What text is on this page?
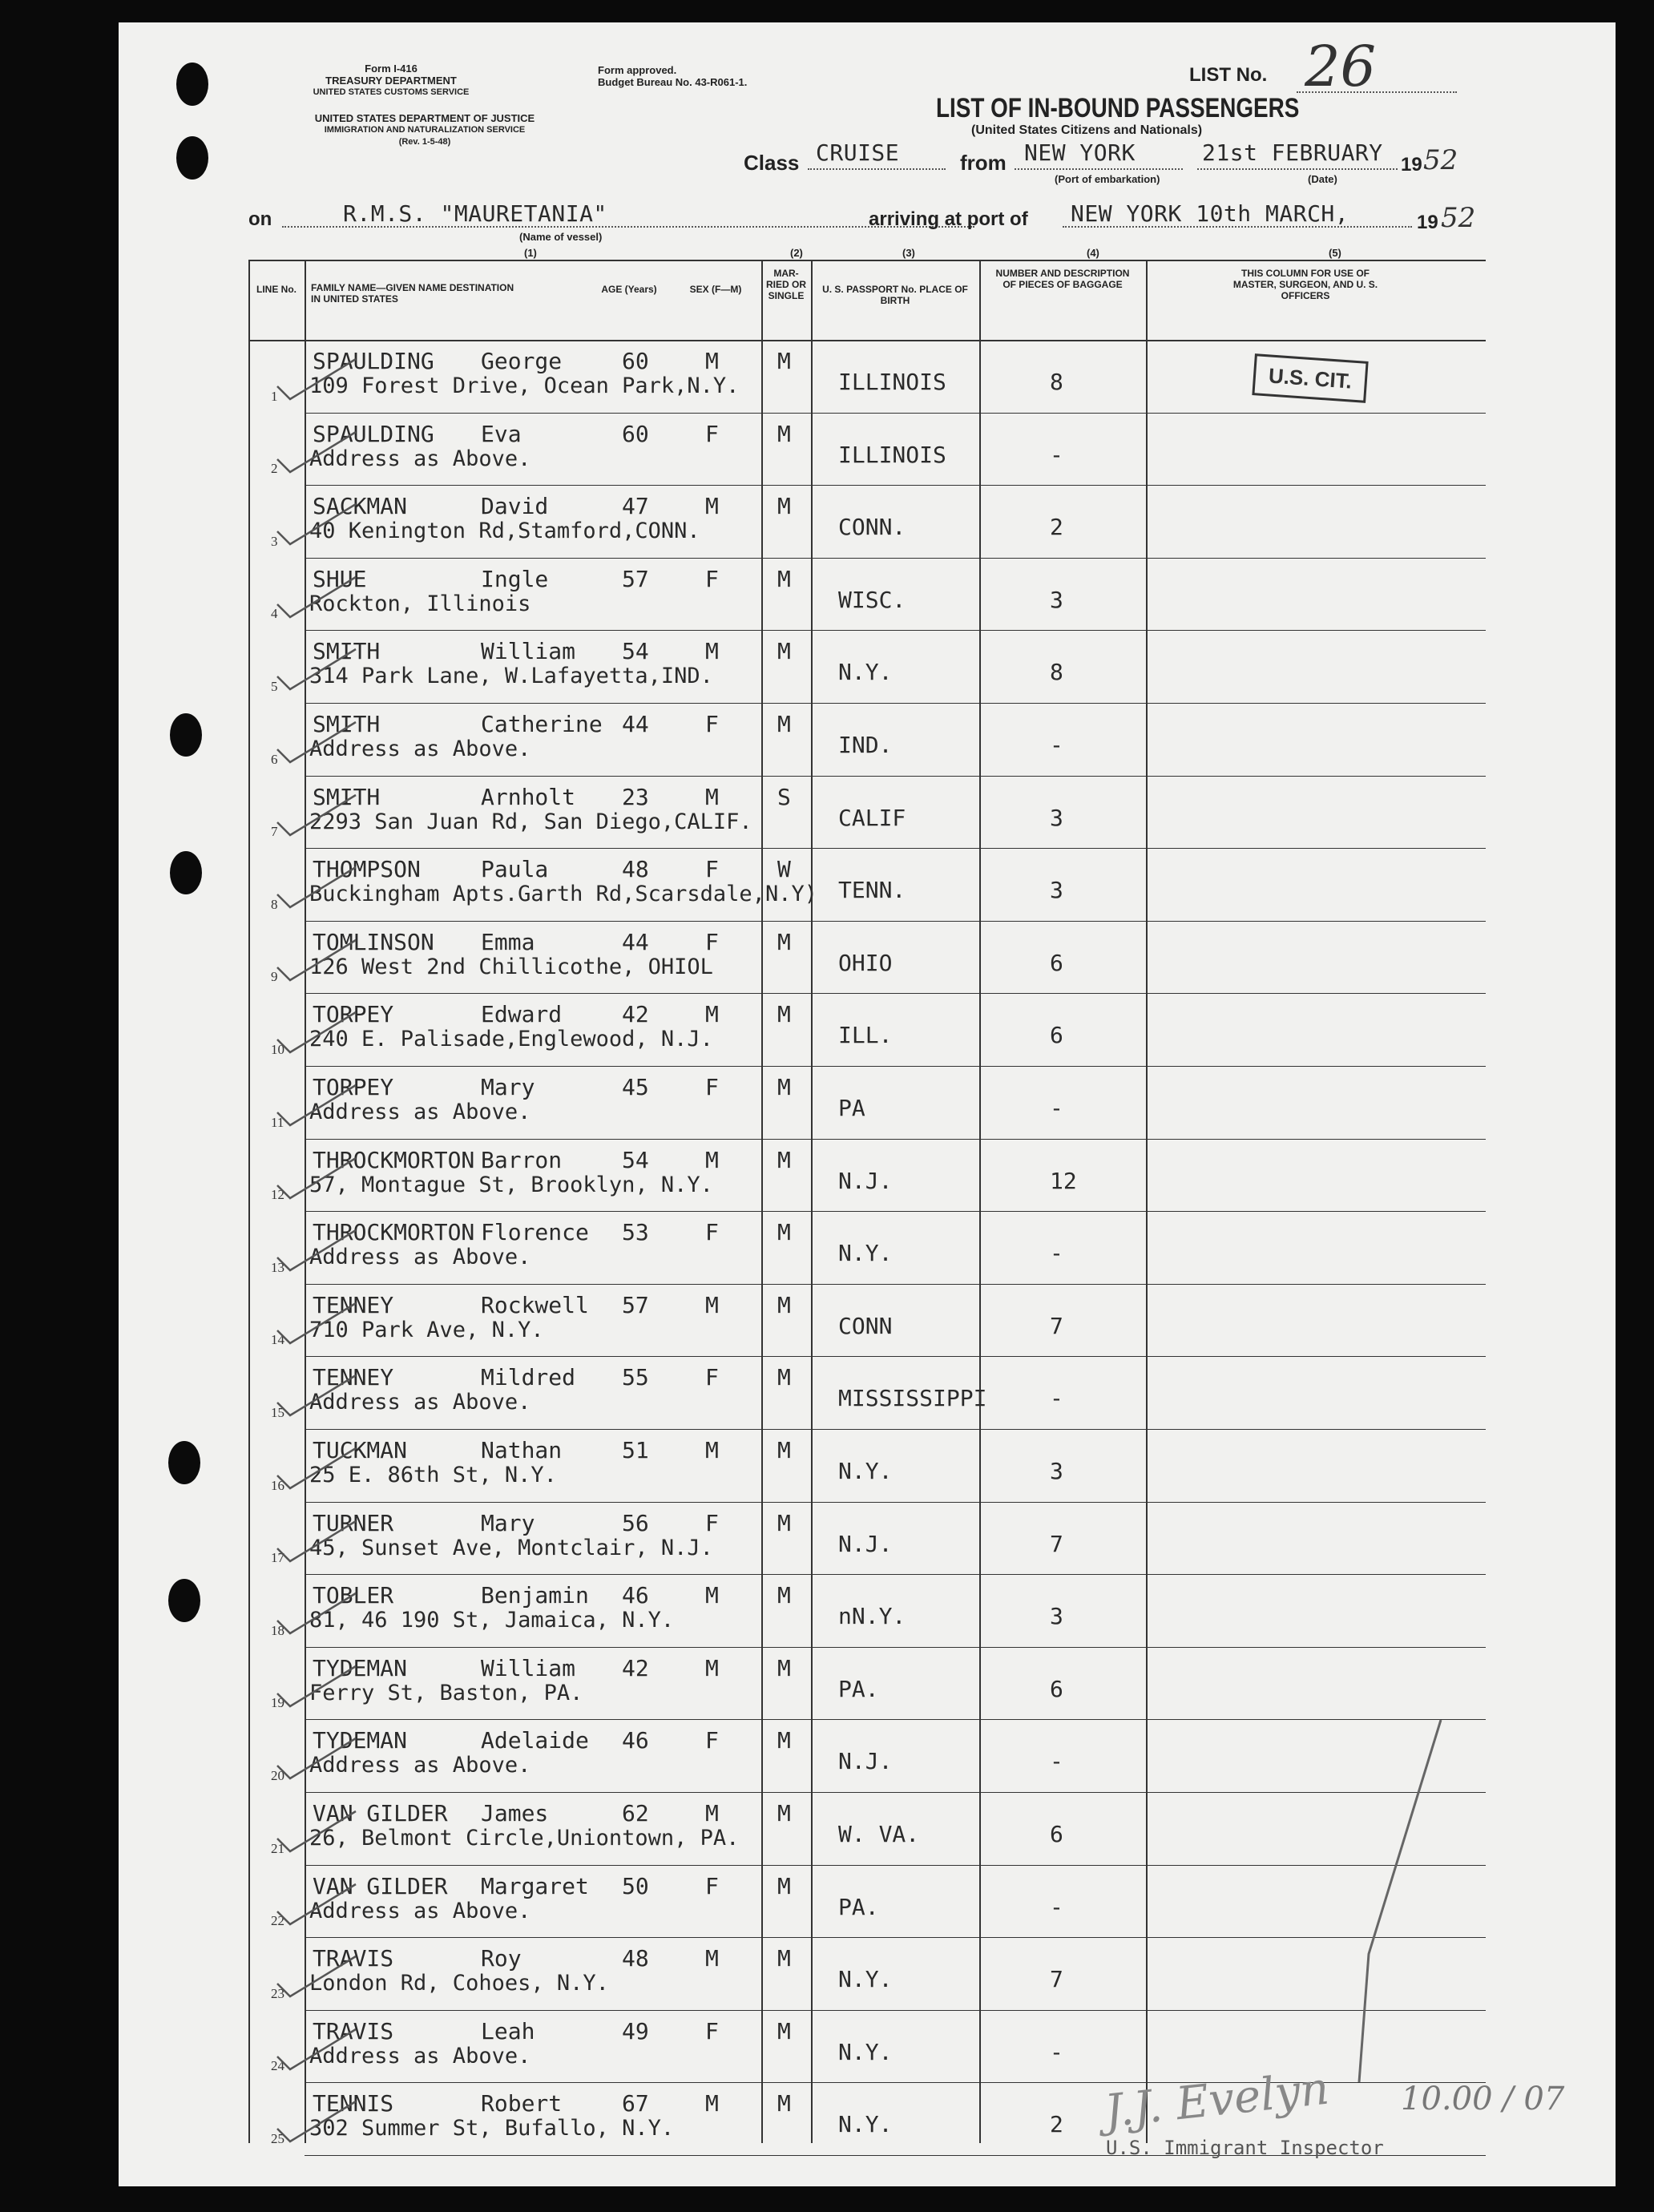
Form I-416
TREASURY DEPARTMENT
UNITED STATES CUSTOMS SERVICE
Form approved.
Budget Bureau No. 43-R061-1.
UNITED STATES DEPARTMENT OF JUSTICE
IMMIGRATION AND NATURALIZATION SERVICE
(Rev. 1-5-48)
LIST No. 26
LIST OF IN-BOUND PASSENGERS
(United States Citizens and Nationals)
Class CRUISE	from NEW YORK	21st FEBRUARY 19 52
(Port of embarkation)	(Date)
on	R.M.S. "MAURETANIA"
(Name of vessel)
arriving at port of NEW YORK 10th MARCH,	19 52
(1)	(2)	(3)	(4)	(5)
LINE No.	FAMILY NAME—GIVEN NAME DESTINATION IN UNITED STATES
AGE (Years)	SEX (F—M)
MAR-RIED OR SINGLE
U. S. PASSPORT No. PLACE OF BIRTH
NUMBER AND DESCRIPTION OF PIECES OF BAGGAGE
THIS COLUMN FOR USE OF MASTER, SURGEON, AND U. S. OFFICERS
1
SPAULDING George	60	M	M
109 Forest Drive, Ocean Park,N.Y.	ILLINOIS	8
2
SPAULDING Eva	60	F	M
Address as Above.	ILLINOIS	-
3
SACKMAN	David	47	M	M
40 Kenington Rd,Stamford,CONN.	CONN.	2
4
SHUE	Ingle	57	F	M
Rockton, Illinois	WISC.	3
5
SMITH	William 54	M	M
314 Park Lane, W.Lafayetta,IND.	N.Y.	8
6
SMITH	Catherine 44	F	M
Address as Above.	IND.	-
7
SMITH	Arnholt 23	M	S
2293 San Juan Rd, San Diego,CALIF.	CALIF	3
8
THOMPSON	Paula	48	F	W
Buckingham Apts.Garth Rd,Scarsdale,N.Y) TENN.	3
9
TOMLINSON Emma	44	F	M
126 West 2nd Chillicothe, OHIOL	OHIO	6
10
TORPEY	Edward	42	M	M
240 E. Palisade,Englewood, N.J.	ILL.	6
11
TORPEY	Mary	45	F	M
Address as Above.	PA	-
12
THROCKMORTON Barron	54	M	M
57, Montague St, Brooklyn, N.Y.	N.J.	12
13
THROCKMORTON Florence 53	F	M
Address as Above.	N.Y.	-
14
TENNEY	Rockwell 57	M	M
710 Park Ave, N.Y.	CONN	7
15
TENNEY	Mildred 55	F	M
Address as Above.	MISSISSIPPI	-
16
TUCKMAN	Nathan	51	M	M
25 E. 86th St, N.Y.	N.Y.	3
17
TURNER	Mary	56	F	M
45, Sunset Ave, Montclair, N.J.	N.J.	7
18
TOBLER	Benjamin 46	M	M
81, 46 190 St, Jamaica, N.Y.	nN.Y.	3
19
TYDEMAN	William 42	M	M
Ferry St, Baston, PA.	PA.	6
20
TYDEMAN	Adelaide 46	F	M
Address as Above.	N.J.	-
21
VAN GILDER James	62	M	M
26, Belmont Circle,Uniontown, PA.	W. VA.	6
22
VAN GILDER Margaret 50	F	M
Address as Above.	PA.	-
23
TRAVIS	Roy	48	M	M
London Rd, Cohoes, N.Y.	N.Y.	7
24
TRAVIS	Leah	49	F	M
Address as Above.	N.Y.	-
25
TENNIS	Robert	67	M	M
302 Summer St, Bufallo, N.Y.	N.Y.	2
U.S. CIT.
J.J. Evelyn 10.00 / 07
U.S. Immigrant Inspector
